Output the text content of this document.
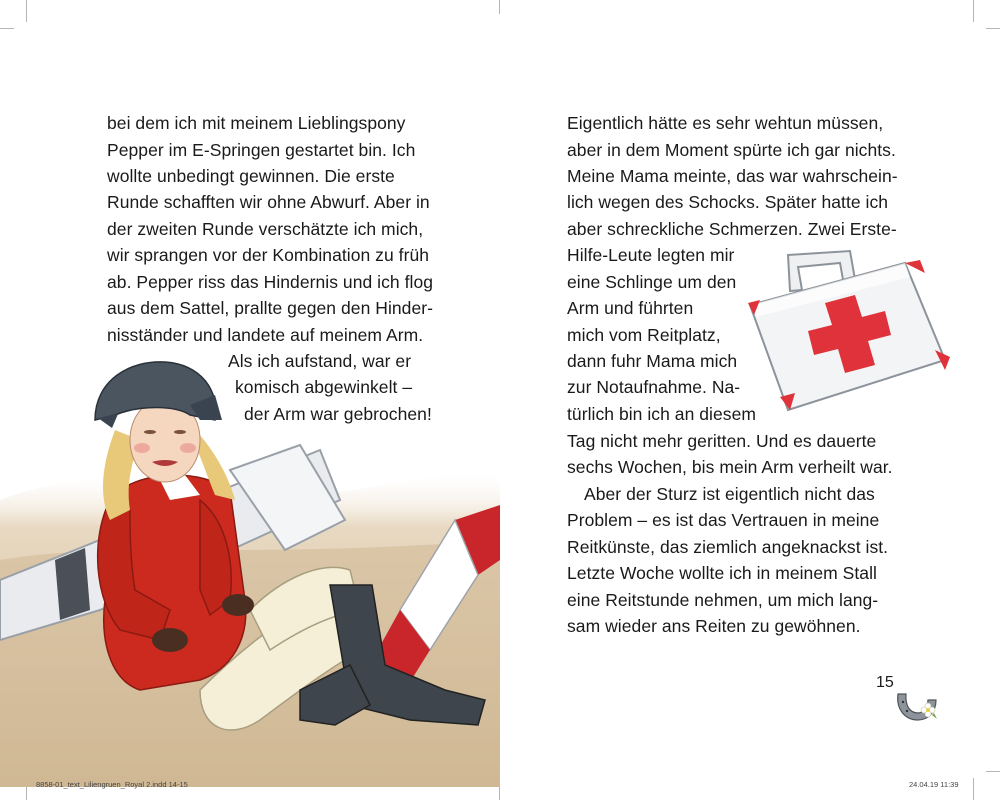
bei dem ich mit meinem Lieblingspony
Pepper im E-Springen gestartet bin. Ich
wollte unbedingt gewinnen. Die erste
Runde schafften wir ohne Abwurf. Aber in
der zweiten Runde verschätzte ich mich,
wir sprangen vor der Kombination zu früh
ab. Pepper riss das Hindernis und ich flog
aus dem Sattel, prallte gegen den Hinder-
nisständer und landete auf meinem Arm.
Als ich aufstand, war er
komisch abgewinkelt –
der Arm war gebrochen!
Eigentlich hätte es sehr wehtun müssen,
aber in dem Moment spürte ich gar nichts.
Meine Mama meinte, das war wahrschein-
lich wegen des Schocks. Später hatte ich
aber schreckliche Schmerzen. Zwei Erste-
Hilfe-Leute legten mir
eine Schlinge um den
Arm und führten
mich vom Reitplatz,
dann fuhr Mama mich
zur Notaufnahme. Na-
türlich bin ich an diesem
Tag nicht mehr geritten. Und es dauerte
sechs Wochen, bis mein Arm verheilt war.
Aber der Sturz ist eigentlich nicht das
Problem – es ist das Vertrauen in meine
Reitkünste, das ziemlich angeknackst ist.
Letzte Woche wollte ich in meinem Stall
eine Reitstunde nehmen, um mich lang-
sam wieder ans Reiten zu gewöhnen.
15
8858-01_text_Liliengruen_Royal 2.indd 14-15	24.04.19 11:39
